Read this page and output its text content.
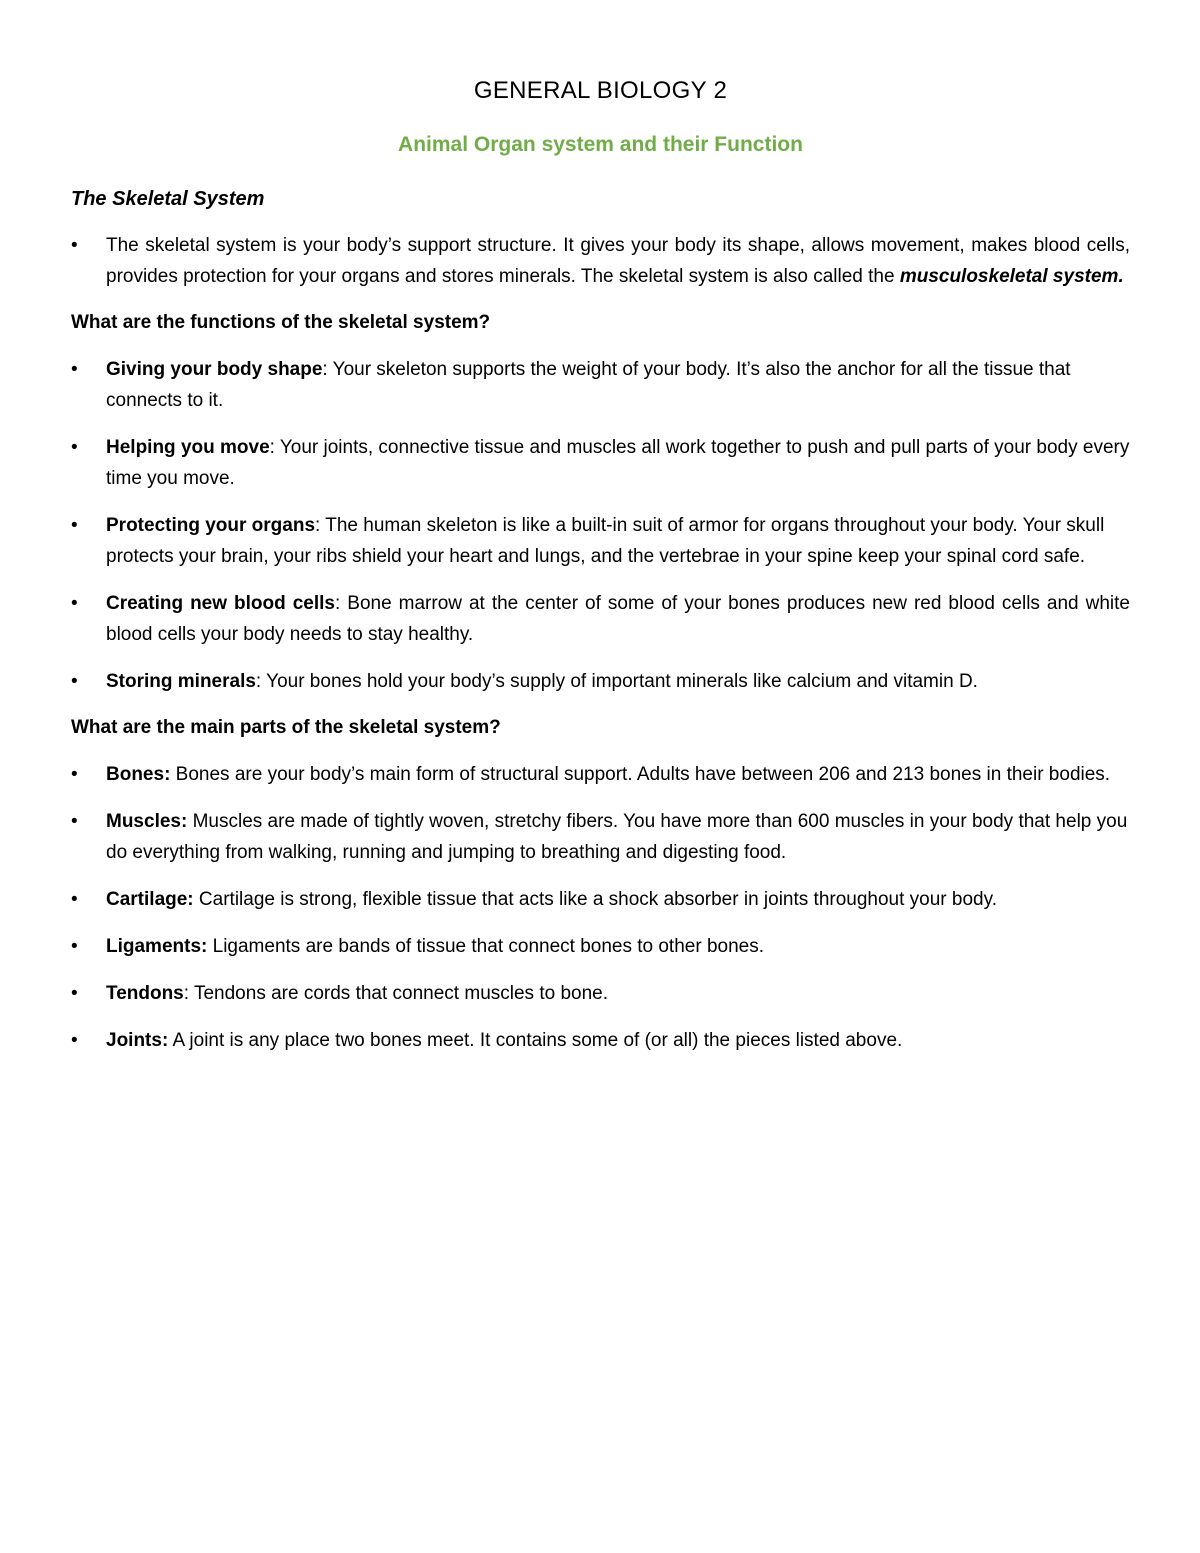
GENERAL BIOLOGY 2
Animal Organ system and their Function
The Skeletal System
•	The skeletal system is your body’s support structure. It gives your body its shape, allows movement, makes blood cells, provides protection for your organs and stores minerals. The skeletal system is also called the musculoskeletal system.

What are the functions of the skeletal system?

•	Giving your body shape: Your skeleton supports the weight of your body. It’s also the anchor for all the tissue that connects to it.
•	Helping you move: Your joints, connective tissue and muscles all work together to push and pull parts of your body every time you move.
•	Protecting your organs: The human skeleton is like a built-in suit of armor for organs throughout your body. Your skull protects your brain, your ribs shield your heart and lungs, and the vertebrae in your spine keep your spinal cord safe.
•	Creating new blood cells: Bone marrow at the center of some of your bones produces new red blood cells and white blood cells your body needs to stay healthy.
•	Storing minerals: Your bones hold your body’s supply of important minerals like calcium and vitamin D.

What are the main parts of the skeletal system?

•	Bones: Bones are your body’s main form of structural support. Adults have between 206 and 213 bones in their bodies.
•	Muscles: Muscles are made of tightly woven, stretchy fibers. You have more than 600 muscles in your body that help you do everything from walking, running and jumping to breathing and digesting food.
•	Cartilage: Cartilage is strong, flexible tissue that acts like a shock absorber in joints throughout your body.
•	Ligaments: Ligaments are bands of tissue that connect bones to other bones.
•	Tendons: Tendons are cords that connect muscles to bone.
•	Joints: A joint is any place two bones meet. It contains some of (or all) the pieces listed above.
